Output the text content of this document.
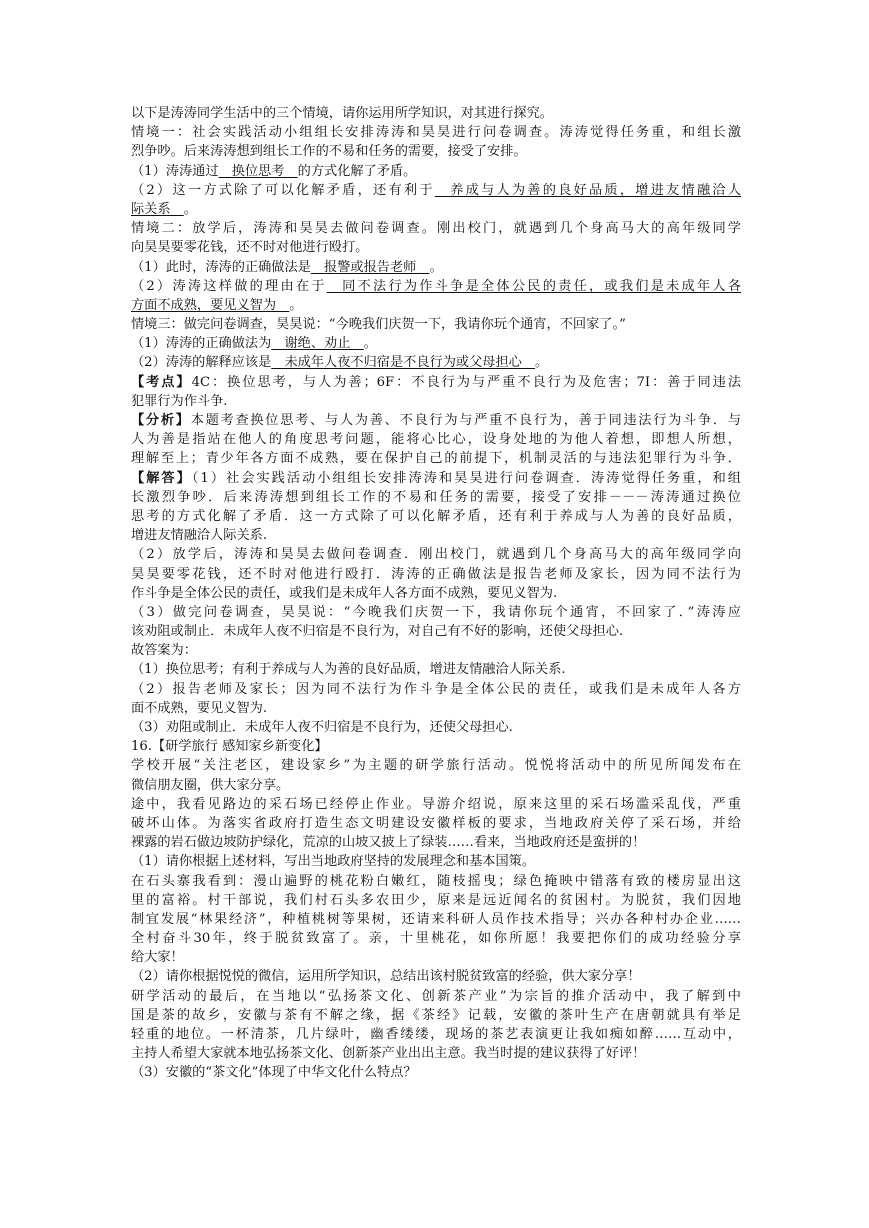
以下是涛涛同学生活中的三个情境，请你运用所学知识，对其进行探究。
情境一：社会实践活动小组组长安排涛涛和昊昊进行问卷调查。涛涛觉得任务重，和组长激
烈争吵。后来涛涛想到组长工作的不易和任务的需要，接受了安排。
（1）涛涛通过　换位思考　的方式化解了矛盾。
（2）这一方式除了可以化解矛盾，还有利于　养成与人为善的良好品质，增进友情融洽人
际关系　。
情境二：放学后，涛涛和昊昊去做问卷调查。刚出校门，就遇到几个身高马大的高年级同学
向昊昊要零花钱，还不时对他进行殴打。
（1）此时，涛涛的正确做法是　报警或报告老师　。
（2）涛涛这样做的理由在于　同不法行为作斗争是全体公民的责任，或我们是未成年人各
方面不成熟，要见义智为　。
情境三：做完问卷调查，昊昊说：“今晚我们庆贺一下，我请你玩个通宵，不回家了。”
（1）涛涛的正确做法为　谢绝、劝止　。
（2）涛涛的解释应该是　未成年人夜不归宿是不良行为或父母担心　。
【考点】4C：换位思考，与人为善；6F：不良行为与严重不良行为及危害；7I：善于同违法
犯罪行为作斗争.
【分析】本题考查换位思考、与人为善、不良行为与严重不良行为，善于同违法行为斗争．与
人为善是指站在他人的角度思考问题，能将心比心，设身处地的为他人着想，即想人所想，
理解至上；青少年各方面不成熟，要在保护自己的前提下，机制灵活的与违法犯罪行为斗争．
【解答】（1）社会实践活动小组组长安排涛涛和昊昊进行问卷调查．涛涛觉得任务重，和组
长激烈争吵．后来涛涛想到组长工作的不易和任务的需要，接受了安排－－－涛涛通过换位
思考的方式化解了矛盾．这一方式除了可以化解矛盾，还有利于养成与人为善的良好品质，
增进友情融洽人际关系.
（2）放学后，涛涛和昊昊去做问卷调查．刚出校门，就遇到几个身高马大的高年级同学向
昊昊要零花钱，还不时对他进行殴打．涛涛的正确做法是报告老师及家长，因为同不法行为
作斗争是全体公民的责任，或我们是未成年人各方面不成熟，要见义智为.
（3）做完问卷调查，昊昊说：“今晚我们庆贺一下，我请你玩个通宵，不回家了．”涛涛应
该劝阻或制止．未成年人夜不归宿是不良行为，对自己有不好的影响，还使父母担心.
故答案为：
（1）换位思考；有利于养成与人为善的良好品质，增进友情融洽人际关系.
（2）报告老师及家长；因为同不法行为作斗争是全体公民的责任，或我们是未成年人各方
面不成熟，要见义智为.
（3）劝阻或制止．未成年人夜不归宿是不良行为，还使父母担心.
16.【研学旅行 感知家乡新变化】
学校开展“关注老区，建设家乡”为主题的研学旅行活动。悦悦将活动中的所见所闻发布在
微信朋友圈，供大家分享。
途中，我看见路边的采石场已经停止作业。导游介绍说，原来这里的采石场滥采乱伐，严重
破坏山体。为落实省政府打造生态文明建设安徽样板的要求，当地政府关停了采石场，并给
裸露的岩石做边坡防护绿化，荒凉的山坡又披上了绿装……看来，当地政府还是蛮拼的！
（1）请你根据上述材料，写出当地政府坚持的发展理念和基本国策。
在石头寨我看到：漫山遍野的桃花粉白嫩红，随枝摇曳；绿色掩映中错落有致的楼房显出这
里的富裕。村干部说，我们村石头多农田少，原来是远近闻名的贫困村。为脱贫，我们因地
制宜发展“林果经济”，种植桃树等果树，还请来科研人员作技术指导；兴办各种村办企业……
全村奋斗30年，终于脱贫致富了。亲，十里桃花，如你所愿！我要把你们的成功经验分享
给大家！
（2）请你根据悦悦的微信，运用所学知识，总结出该村脱贫致富的经验，供大家分享！
研学活动的最后，在当地以“弘扬茶文化、创新茶产业”为宗旨的推介活动中，我了解到中
国是茶的故乡，安徽与茶有不解之缘，据《茶经》记载，安徽的茶叶生产在唐朝就具有举足
轻重的地位。一杯清茶，几片绿叶，幽香缕缕，现场的茶艺表演更让我如痴如醉……互动中，
主持人希望大家就本地弘扬茶文化、创新茶产业出出主意。我当时提的建议获得了好评！
（3）安徽的“茶文化”体现了中华文化什么特点？
